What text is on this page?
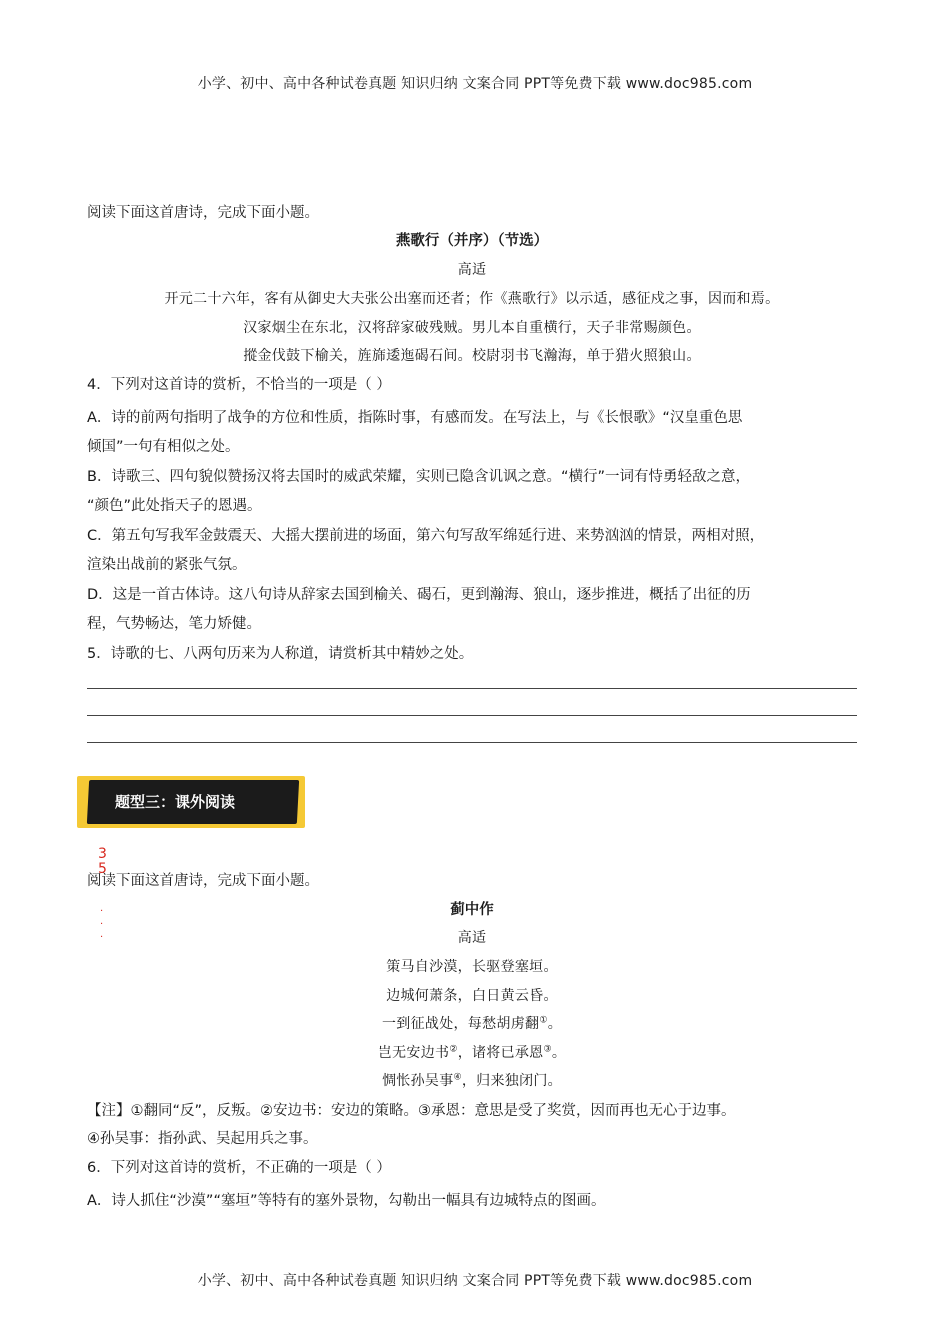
小学、初中、高中各种试卷真题 知识归纳 文案合同 PPT等免费下载 www.doc985.com
阅读下面这首唐诗，完成下面小题。
燕歌行（并序）（节选）
高适
开元二十六年，客有从御史大夫张公出塞而还者；作《燕歌行》以示适，感征戍之事，因而和焉。
汉家烟尘在东北，汉将辞家破残贼。男儿本自重横行，天子非常赐颜色。
摐金伐鼓下榆关，旌旆逶迤碣石间。校尉羽书飞瀚海，单于猎火照狼山。
4．下列对这首诗的赏析，不恰当的一项是（ ）
A．诗的前两句指明了战争的方位和性质，指陈时事，有感而发。在写法上，与《长恨歌》“汉皇重色思
倾国”一句有相似之处。
B．诗歌三、四句貌似赞扬汉将去国时的威武荣耀，实则已隐含讥讽之意。“横行”一词有恃勇轻敌之意，
“颜色”此处指天子的恩遇。
C．第五句写我军金鼓震天、大摇大摆前进的场面，第六句写敌军绵延行进、来势汹汹的情景，两相对照，
渲染出战前的紧张气氛。
D．这是一首古体诗。这八句诗从辞家去国到榆关、碣石，更到瀚海、狼山，逐步推进，概括了出征的历
程，气势畅达，笔力矫健。
5．诗歌的七、八两句历来为人称道，请赏析其中精妙之处。
题型三：课外阅读
3
5
·
·
·
阅读下面这首唐诗，完成下面小题。
蓟中作
高适
策马自沙漠，长驱登塞垣。
边城何萧条，白日黄云昏。
一到征战处，每愁胡虏翻①。
岂无安边书②，诸将已承恩③。
惆怅孙吴事④，归来独闭门。
【注】①翻同“反”，反叛。②安边书：安边的策略。③承恩：意思是受了奖赏，因而再也无心于边事。
④孙吴事：指孙武、吴起用兵之事。
6．下列对这首诗的赏析，不正确的一项是（ ）
A．诗人抓住“沙漠”“塞垣”等特有的塞外景物，勾勒出一幅具有边城特点的图画。
小学、初中、高中各种试卷真题 知识归纳 文案合同 PPT等免费下载 www.doc985.com
